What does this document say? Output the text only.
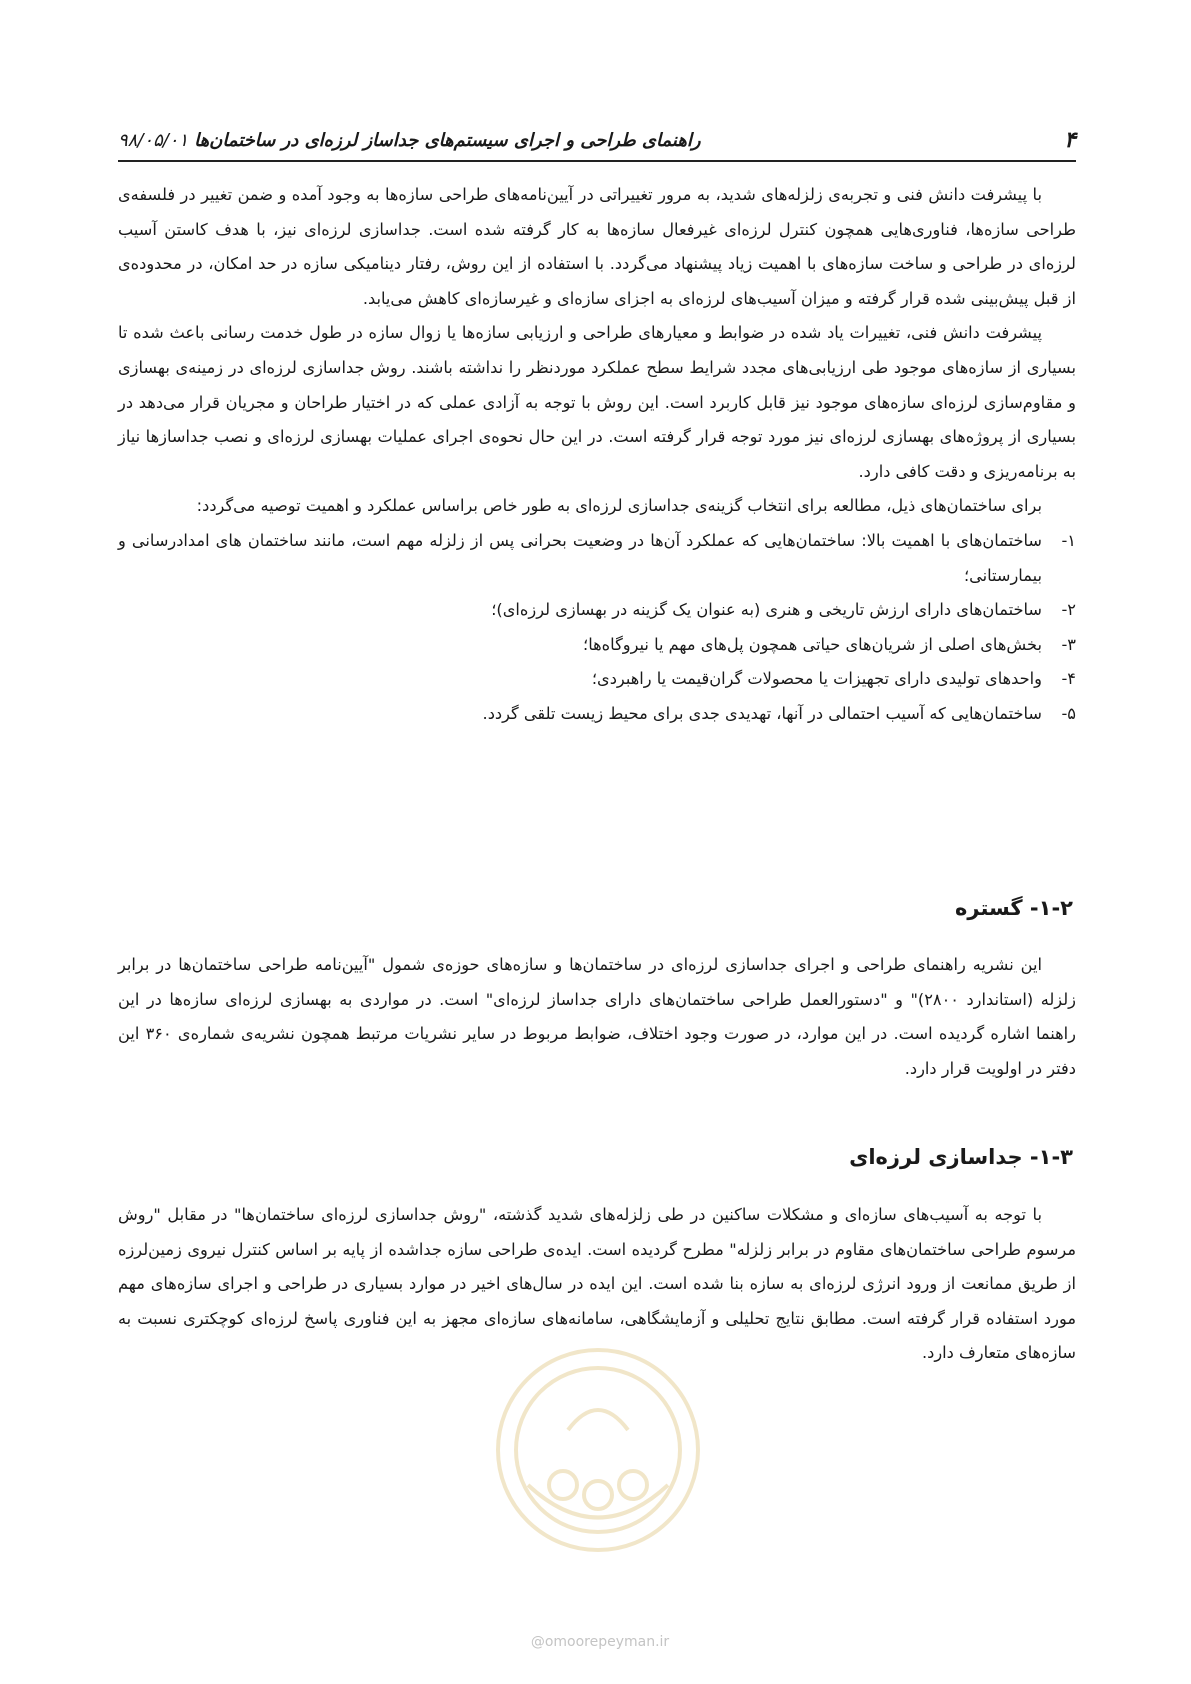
۴
راهنمای طراحی و اجرای سیستم‌های جداساز لرزه‌ای در ساختمان‌ها۹۸/۰۵/۰۱

با پیشرفت دانش فنی و تجربه‌ی زلزله‌های شدید، به مرور تغییراتی در آیین‌نامه‌های طراحی سازه‌ها به وجود آمده و ضمن تغییر در فلسفه‌ی طراحی سازه‌ها، فناوری‌هایی همچون کنترل لرزه‌ای غیرفعال سازه‌ها به کار گرفته شده است. جداسازی لرزه‌ای نیز، با هدف کاستن آسیب لرزه‌ای در طراحی و ساخت سازه‌های با اهمیت زیاد پیشنهاد می‌گردد. با استفاده از این روش، رفتار دینامیکی سازه در حد امکان، در محدوده‌ی از قبل پیش‌بینی شده قرار گرفته و میزان آسیب‌های لرزه‌ای به اجزای سازه‌ای و غیرسازه‌ای کاهش می‌یابد.

پیشرفت دانش فنی، تغییرات یاد شده در ضوابط و معیارهای طراحی و ارزیابی سازه‌ها یا زوال سازه در طول خدمت رسانی باعث شده تا بسیاری از سازه‌های موجود طی ارزیابی‌های مجدد شرایط سطح عملکرد موردنظر را نداشته باشند. روش جداسازی لرزه‌ای در زمینه‌ی بهسازی و مقاوم‌سازی لرزه‌ای سازه‌های موجود نیز قابل کاربرد است. این روش با توجه به آزادی عملی که در اختیار طراحان و مجریان قرار می‌دهد در بسیاری از پروژه‌های بهسازی لرزه‌ای نیز مورد توجه قرار گرفته است. در این حال نحوه‌ی اجرای عملیات بهسازی لرزه‌ای و نصب جداسازها نیاز به برنامه‌ریزی و دقت کافی دارد.

برای ساختمان‌های ذیل، مطالعه برای انتخاب گزینه‌ی جداسازی لرزه‌ای به طور خاص براساس عملکرد و اهمیت توصیه می‌گردد:

۱-
ساختمان‌های با اهمیت بالا: ساختمان‌هایی که عملکرد آن‌ها در وضعیت بحرانی پس از زلزله مهم است، مانند ساختمان های امدادرسانی و بیمارستانی؛
۲-
ساختمان‌های دارای ارزش تاریخی و هنری (به عنوان یک گزینه در بهسازی لرزه‌ای)؛
۳-
بخش‌های اصلی از شریان‌های حیاتی همچون پل‌های مهم یا نیروگاه‌ها؛
۴-
واحدهای تولیدی دارای تجهیزات یا محصولات گران‌قیمت یا راهبردی؛
۵-
ساختمان‌هایی که آسیب احتمالی در آنها، تهدیدی جدی برای محیط زیست تلقی گردد.
۱-۲- گستره

این نشریه راهنمای طراحی و اجرای جداسازی لرزه‌ای در ساختمان‌ها و سازه‌های حوزه‌ی شمول "آیین‌نامه طراحی ساختمان‌ها در برابر زلزله (استاندارد ۲۸۰۰)" و "دستورالعمل طراحی ساختمان‌های دارای جداساز لرزه‌ای" است. در مواردی به بهسازی لرزه‌ای سازه‌ها در این راهنما اشاره گردیده است. در این موارد، در صورت وجود اختلاف، ضوابط مربوط در سایر نشریات مرتبط همچون نشریه‌ی شماره‌ی ۳۶۰ این دفتر در اولویت قرار دارد.

۱-۳- جداسازی لرزه‌ای

با توجه به آسیب‌های سازه‌ای و مشکلات ساکنین در طی زلزله‌های شدید گذشته، "روش جداسازی لرزه‌ای ساختمان‌ها" در مقابل "روش مرسوم طراحی ساختمان‌های مقاوم در برابر زلزله" مطرح گردیده است. ایده‌ی طراحی سازه جداشده از پایه بر اساس کنترل نیروی زمین‌لرزه از طریق ممانعت از ورود انرژی لرزه‌ای به سازه بنا شده است. این ایده در سال‌های اخیر در موارد بسیاری در طراحی و اجرای سازه‌های مهم مورد استفاده قرار گرفته است. مطابق نتایج تحلیلی و آزمایشگاهی، سامانه‌های سازه‌ای مجهز به این فناوری پاسخ لرزه‌ای کوچکتری نسبت به سازه‌های متعارف دارد.

@omoorepeyman.ir
